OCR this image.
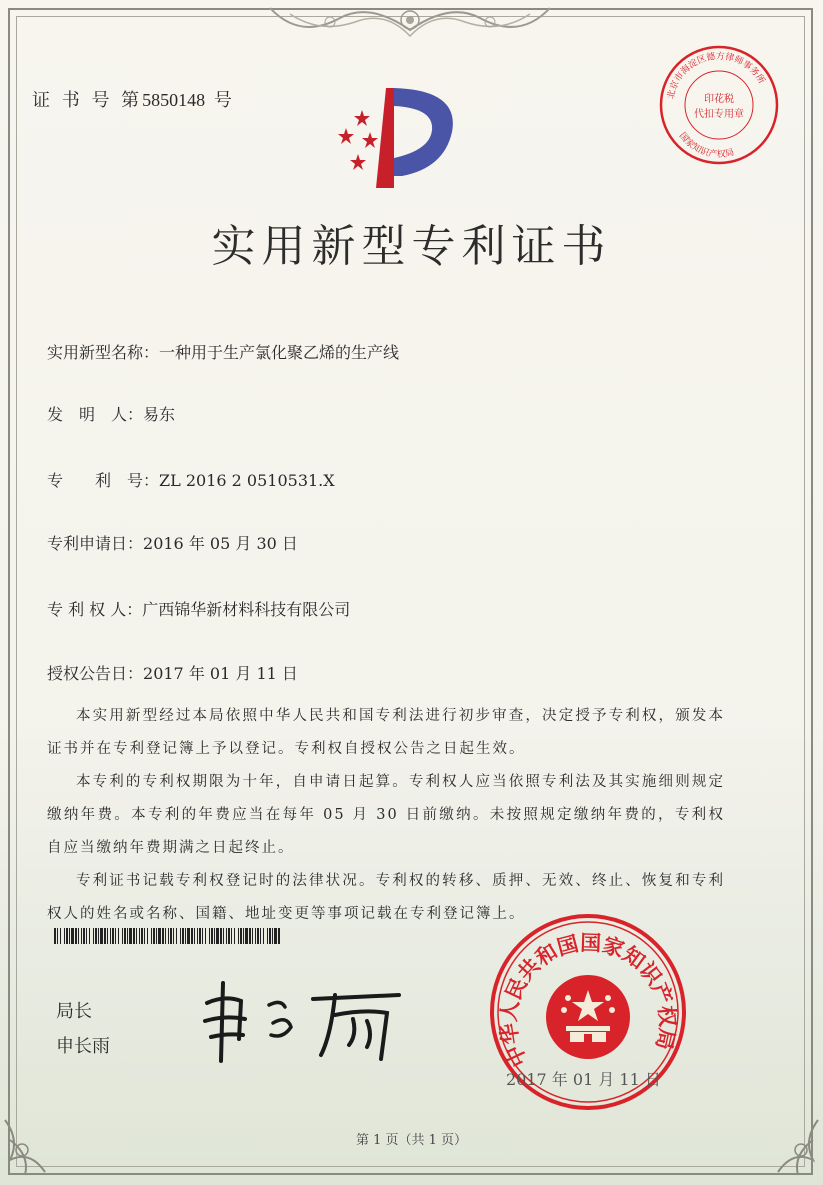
证 书 号 第5850148 号	北京市海淀区德方律师事务所
国家知识产权局
印花税
代扣专用章
实用新型专利证书
实用新型名称：一种用于生产氯化聚乙烯的生产线
发　明　人：易东
专　　利　号：ZL 2016 2 0510531.X
专利申请日：2016 年 05 月 30 日
专 利 权 人：广西锦华新材料科技有限公司
授权公告日：2017 年 01 月 11 日

本实用新型经过本局依照中华人民共和国专利法进行初步审查，决定授予专利权，颁发本证书并在专利登记簿上予以登记。专利权自授权公告之日起生效。

本专利的专利权期限为十年，自申请日起算。专利权人应当依照专利法及其实施细则规定缴纳年费。本专利的年费应当在每年 05 月 30 日前缴纳。未按照规定缴纳年费的，专利权自应当缴纳年费期满之日起终止。

专利证书记载专利权登记时的法律状况。专利权的转移、质押、无效、终止、恢复和专利权人的姓名或名称、国籍、地址变更等事项记载在专利登记簿上。

局长
申长雨	中华人民共和国国家知识产权局
2017 年 01 月 11 日
第 1 页（共 1 页）
